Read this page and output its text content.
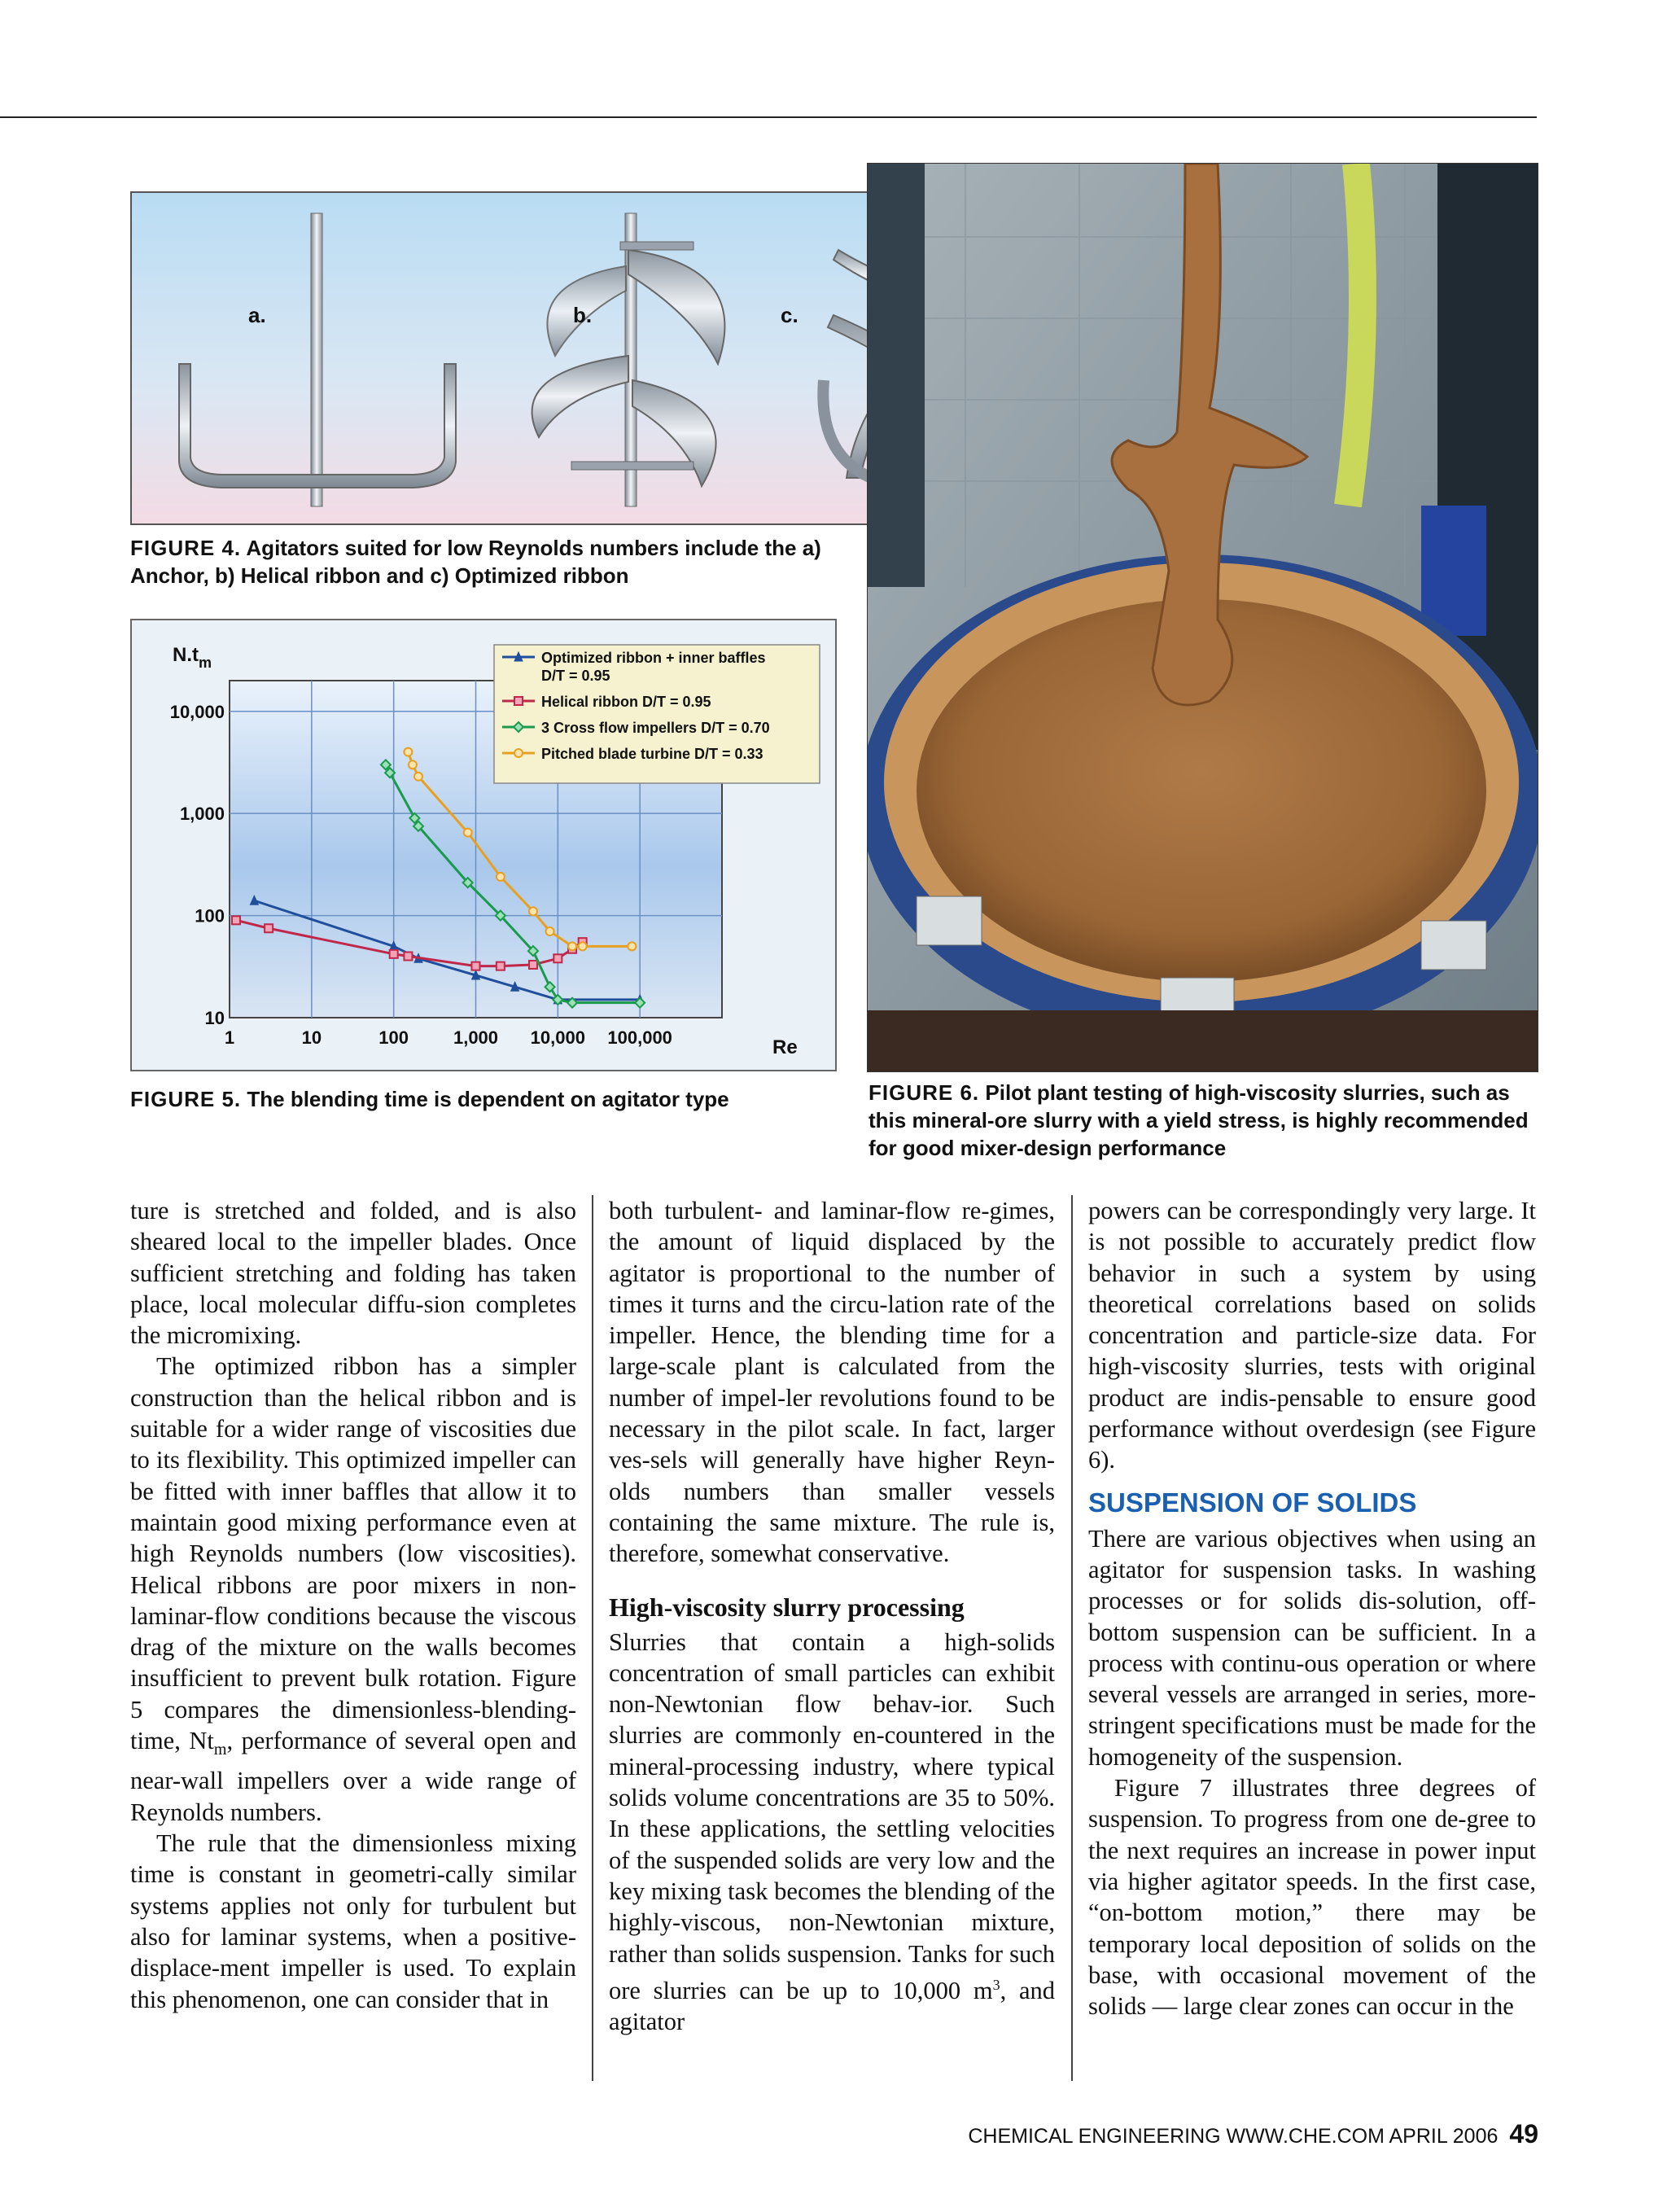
a.	b.	c.
FIGURE 4. Agitators suited for low Reynolds numbers include the a) Anchor, b) Helical ribbon and c) Optimized ribbon
1	10	100 1,000 10,000 100,000
10
100
1,000
10,000
$N.t_m$
Re
Optimized ribbon + inner baffles D/T = 0.95
Helical ribbon D/T = 0.95
3 Cross flow impellers D/T = 0.70
Pitched blade turbine D/T = 0.33
FIGURE 5. The blending time is dependent on agitator type	FIGURE 6. Pilot plant testing of high-viscosity slurries, such as this mineral-ore slurry with a yield stress, is highly recommended for good mixer-design performance

ture is stretched and folded, and is also sheared local to the impeller blades. Once sufficient stretching and folding has taken place, local molecular diffu-sion completes the micromixing.

The optimized ribbon has a simpler construction than the helical ribbon and is suitable for a wider range of viscosities due to its flexibility. This optimized impeller can be fitted with inner baffles that allow it to maintain good mixing performance even at high Reynolds numbers (low viscosities). Helical ribbons are poor mixers in non-laminar-flow conditions because the viscous drag of the mixture on the walls becomes insufficient to prevent bulk rotation. Figure 5 compares the dimensionless-blending-time, $Nt_m$, performance of several open and near-wall impellers over a wide range of Reynolds numbers.

The rule that the dimensionless mixing time is constant in geometri-cally similar systems applies not only for turbulent but also for laminar systems, when a positive-displace-ment impeller is used. To explain this phenomenon, one can consider that in

both turbulent- and laminar-flow re-gimes, the amount of liquid displaced by the agitator is proportional to the number of times it turns and the circu-lation rate of the impeller. Hence, the blending time for a large-scale plant is calculated from the number of impel-ler revolutions found to be necessary in the pilot scale. In fact, larger ves-sels will generally have higher Reyn-olds numbers than smaller vessels containing the same mixture. The rule is, therefore, somewhat conservative.

High-viscosity slurry processing

Slurries that contain a high-solids concentration of small particles can exhibit non-Newtonian flow behav-ior. Such slurries are commonly en-countered in the mineral-processing industry, where typical solids volume concentrations are 35 to 50%. In these applications, the settling velocities of the suspended solids are very low and the key mixing task becomes the blending of the highly-viscous, non-Newtonian mixture, rather than solids suspension. Tanks for such ore slurries can be up to 10,000 $m^3$, and agitator

powers can be correspondingly very large. It is not possible to accurately predict flow behavior in such a system by using theoretical correlations based on solids concentration and particle-size data. For high-viscosity slurries, tests with original product are indis-pensable to ensure good performance without overdesign (see Figure 6).

SUSPENSION OF SOLIDS

There are various objectives when using an agitator for suspension tasks. In washing processes or for solids dis-solution, off-bottom suspension can be sufficient. In a process with continu-ous operation or where several vessels are arranged in series, more-stringent specifications must be made for the homogeneity of the suspension.

Figure 7 illustrates three degrees of suspension. To progress from one de-gree to the next requires an increase in power input via higher agitator speeds. In the first case, “on-bottom motion,” there may be temporary local deposition of solids on the base, with occasional movement of the solids — large clear zones can occur in the

CHEMICAL ENGINEERING WWW.CHE.COM APRIL 2006 49
